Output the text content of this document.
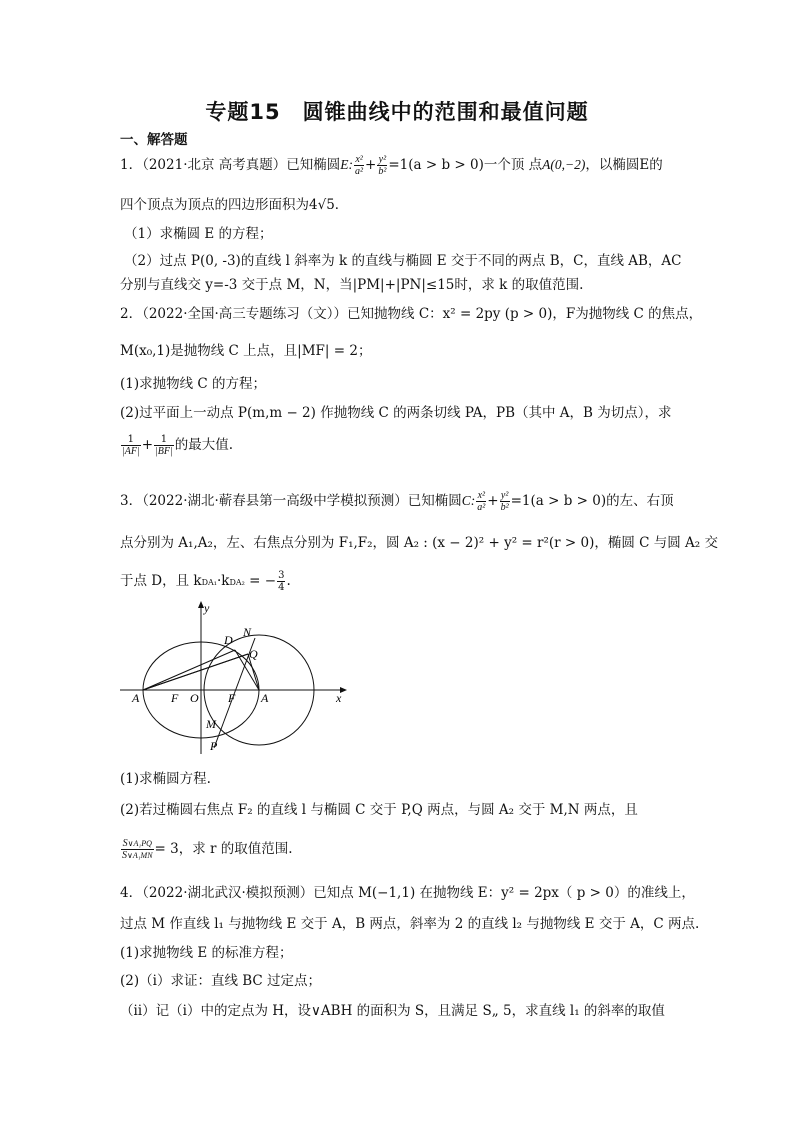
专题15　圆锥曲线中的范围和最值问题
一、解答题
1．（2021·北京 高考真题）已知椭圆E: $\frac{\text{x²}}{\text{a²}} + \frac{\text{y²}}{\text{b²}} =1(a > b > 0)$一个顶 点A(0,−2)，以椭圆E的
四个顶点为顶点的四边形面积为4√5．
（1）求椭圆 E 的方程；
（2）过点 P(0, -3)的直线 l 斜率为 k 的直线与椭圆 E 交于不同的两点 B，C，直线 AB，AC
分别与直线交 y=-3 交于点 M，N，当|PM|+|PN|≤15时，求 k 的取值范围.
2．（2022·全国·高三专题练习（文））已知抛物线 C：x² = 2py (p > 0)，F为抛物线 C 的焦点，
M(x₀,1)是抛物线 C 上点，且|MF| = 2；
(1)求抛物线 C 的方程；
(2)过平面上一动点 P(m,m − 2) 作抛物线 C 的两条切线 PA，PB（其中 A，B 为切点），求
$\frac{1}{|AF|} + \frac{1}{|BF|}$ 的最大值.
3．（2022·湖北·蕲春县第一高级中学模拟预测）已知椭圆C: $\frac{\text{x²}}{\text{a²}} + \frac{\text{y²}}{\text{b²}} =1(a > b > 0)$的左、右顶
点分别为 A₁,A₂，左、右焦点分别为 F₁,F₂，圆 A₂ : (x − 2)² + y² = r²(r > 0)，椭圆 C 与圆 A₂ 交
于点 D，且 kDA₁·kDA₂ = − $\frac{3}{4}$ .
y
x
O
A	A
F	F
D
N
Q
M
P
(1)求椭圆方程.
(2)若过椭圆右焦点 F₂ 的直线 l 与椭圆 C 交于 P,Q 两点，与圆 A₂ 交于 M,N 两点，且
$\frac{\text{S∨A₁PQ}}{\text{S∨A₁MN}} = 3$，求 r 的取值范围.
4．（2022·湖北武汉·模拟预测）已知点 M(−1,1) 在抛物线 E：y² = 2px（ p > 0）的准线上，
过点 M 作直线 l₁ 与抛物线 E 交于 A，B 两点，斜率为 2 的直线 l₂ 与抛物线 E 交于 A，C 两点.
(1)求抛物线 E 的标准方程；
(2)（ⅰ）求证：直线 BC 过定点；
（ⅱ）记（ⅰ）中的定点为 H，设∨ABH 的面积为 S，且满足 S„ 5，求直线 l₁ 的斜率的取值
